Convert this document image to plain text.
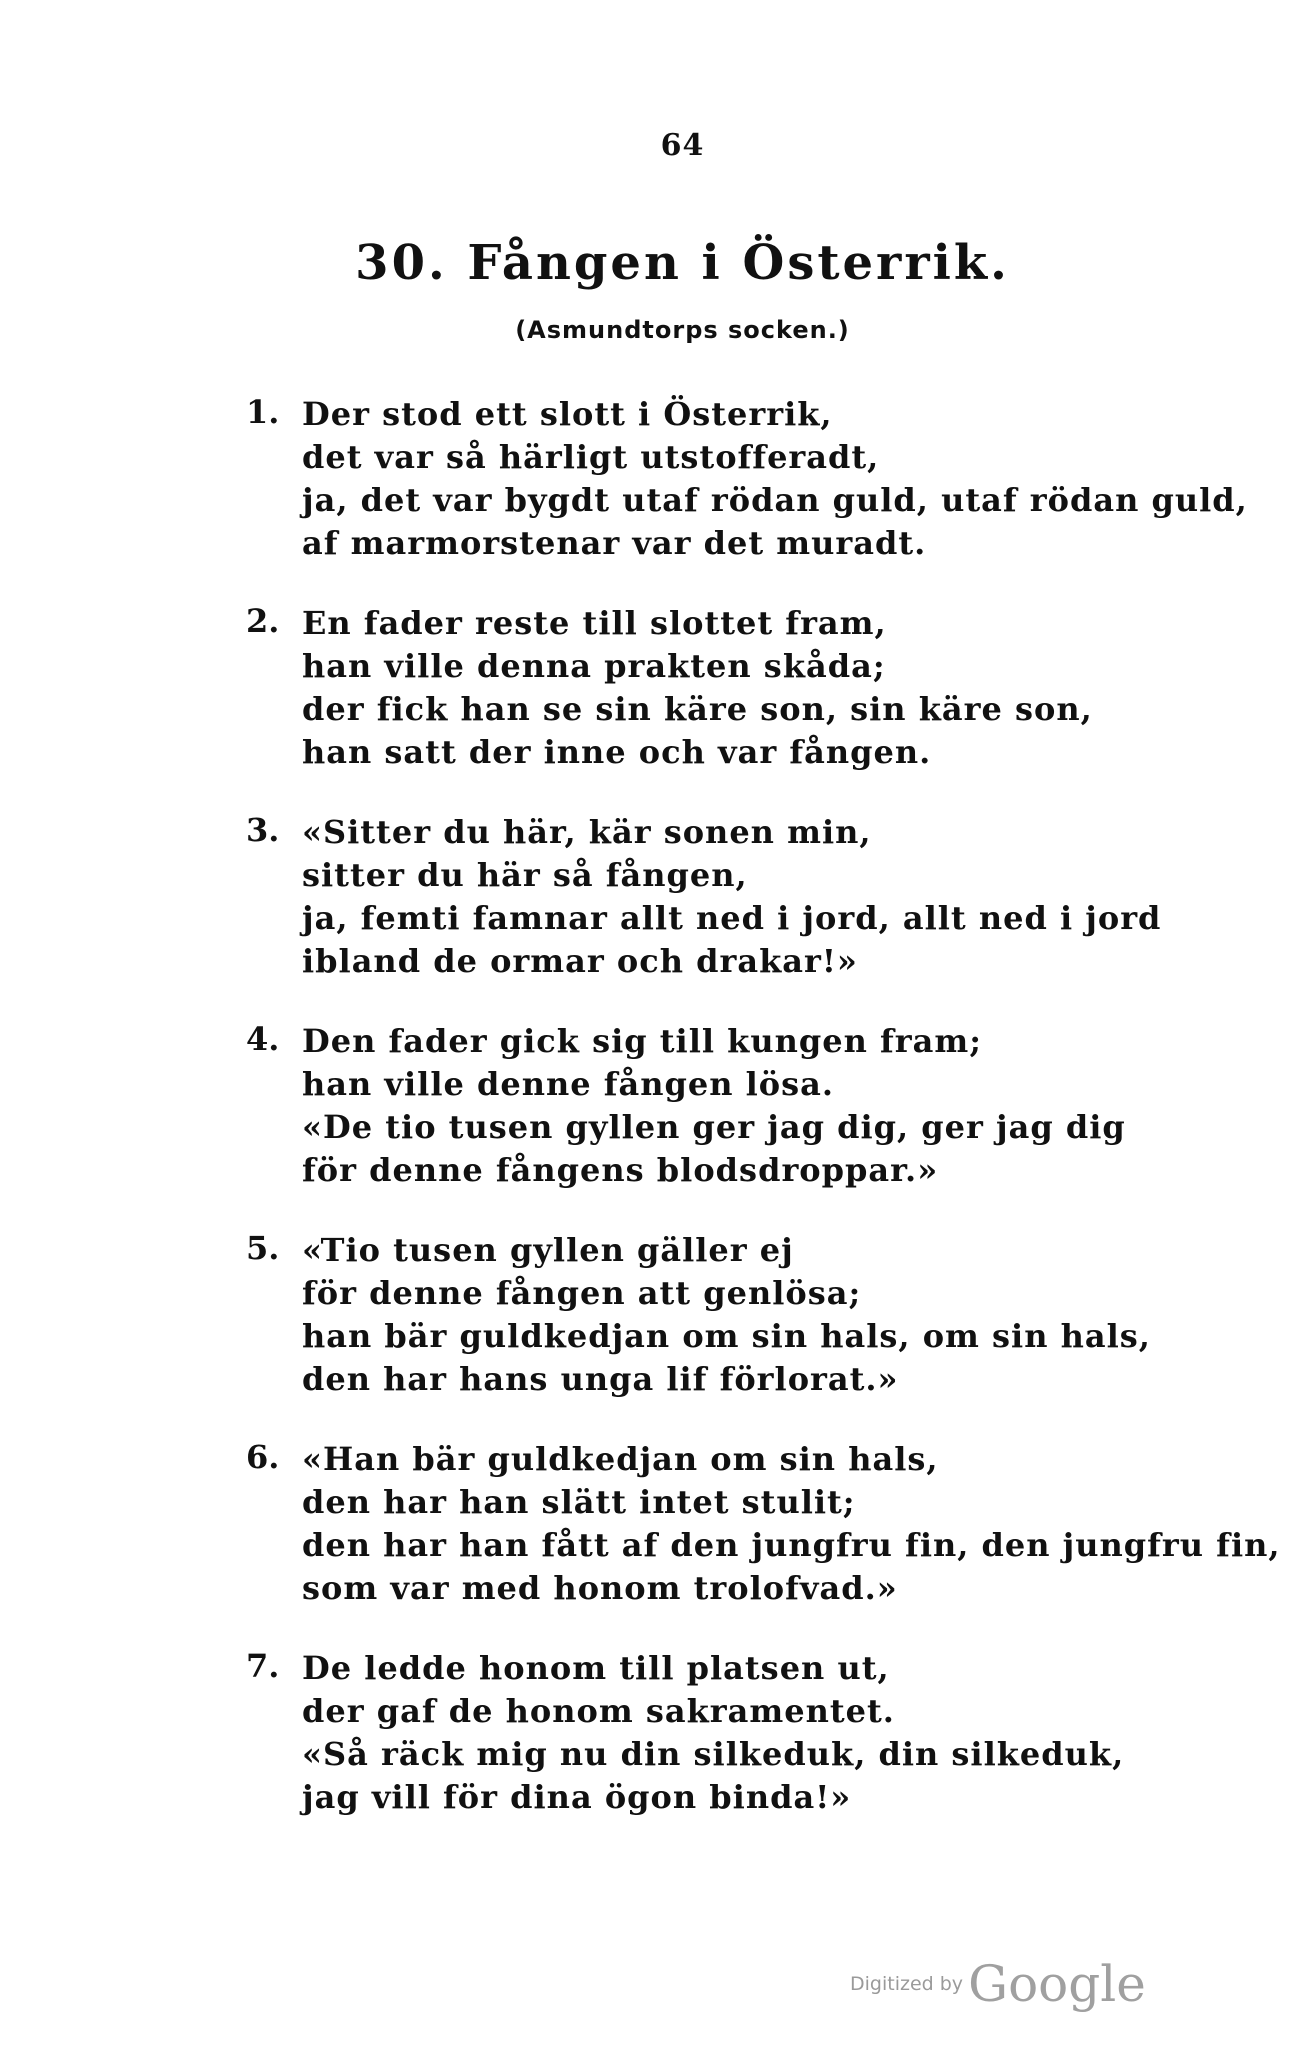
64
30. Fången i Österrik.
(Asmundtorps socken.)
1. Der stod ett slott i Österrik,
det var så härligt utstofferadt,
ja, det var bygdt utaf rödan guld, utaf rödan guld,
af marmorstenar var det muradt.
2. En fader reste till slottet fram,
han ville denna prakten skåda;
der fick han se sin käre son, sin käre son,
han satt der inne och var fången.
3. «Sitter du här, kär sonen min,
sitter du här så fången,
ja, femti famnar allt ned i jord, allt ned i jord
ibland de ormar och drakar!»
4. Den fader gick sig till kungen fram;
han ville denne fången lösa.
«De tio tusen gyllen ger jag dig, ger jag dig
för denne fångens blodsdroppar.»
5. «Tio tusen gyllen gäller ej
för denne fången att genlösa;
han bär guldkedjan om sin hals, om sin hals,
den har hans unga lif förlorat.»
6. «Han bär guldkedjan om sin hals,
den har han slätt intet stulit;
den har han fått af den jungfru fin, den jungfru fin,
som var med honom trolofvad.»
7. De ledde honom till platsen ut,
der gaf de honom sakramentet.
«Så räck mig nu din silkeduk, din silkeduk,
jag vill för dina ögon binda!»
Digitized by Google
